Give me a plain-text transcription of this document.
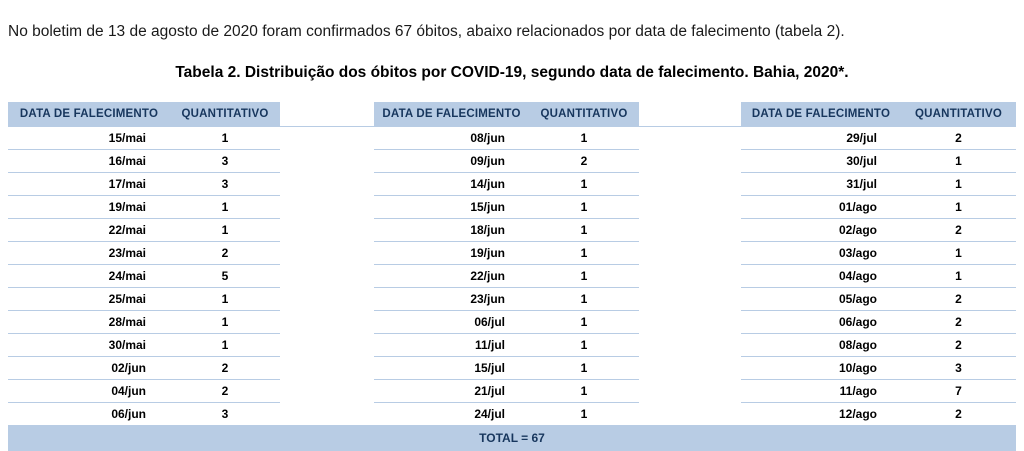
No boletim de 13 de agosto de 2020 foram confirmados 67 óbitos, abaixo relacionados por data de falecimento (tabela 2).

Tabela 2. Distribuição dos óbitos por COVID-19, segundo data de falecimento. Bahia, 2020*.

DATA DE FALECIMENTO	QUANTITATIVO		DATA DE FALECIMENTO	QUANTITATIVO		DATA DE FALECIMENTO	QUANTITATIVO
15/mai	1		08/jun	1		29/jul	2
16/mai	3		09/jun	2		30/jul	1
17/mai	3		14/jun	1		31/jul	1
19/mai	1		15/jun	1		01/ago	1
22/mai	1		18/jun	1		02/ago	2
23/mai	2		19/jun	1		03/ago	1
24/mai	5		22/jun	1		04/ago	1
25/mai	1		23/jun	1		05/ago	2
28/mai	1		06/jul	1		06/ago	2
30/mai	1		11/jul	1		08/ago	2
02/jun	2		15/jul	1		10/ago	3
04/jun	2		21/jul	1		11/ago	7
06/jun	3		24/jul	1		12/ago	2
TOTAL = 67							
